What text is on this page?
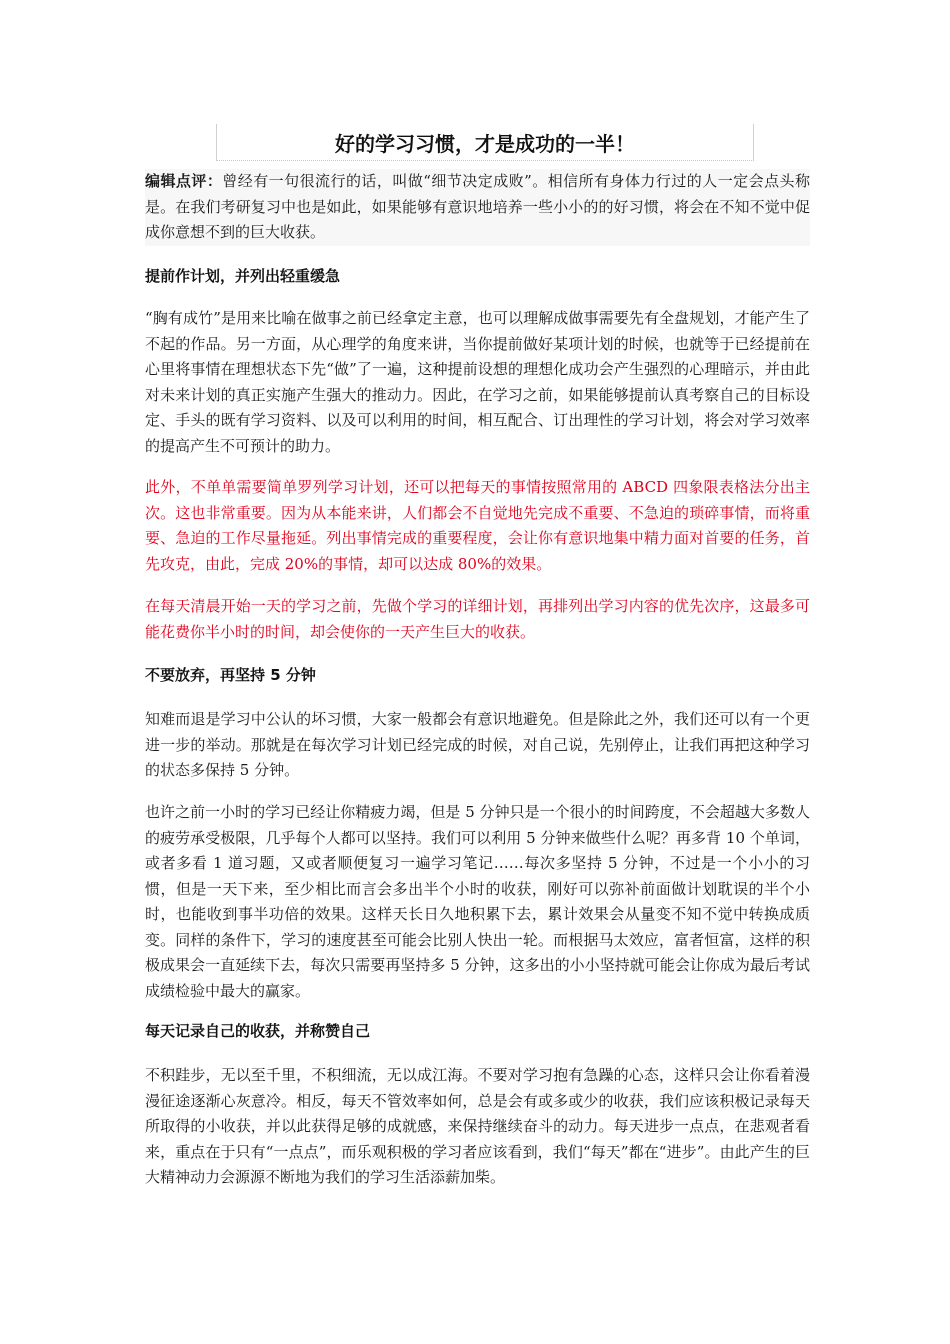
好的学习习惯，才是成功的一半！

编辑点评：曾经有一句很流行的话，叫做“细节决定成败”。相信所有身体力行过的人一定会点头称是。在我们考研复习中也是如此，如果能够有意识地培养一些小小的的好习惯，将会在不知不觉中促成你意想不到的巨大收获。

提前作计划，并列出轻重缓急

“胸有成竹”是用来比喻在做事之前已经拿定主意，也可以理解成做事需要先有全盘规划，才能产生了不起的作品。另一方面，从心理学的角度来讲，当你提前做好某项计划的时候，也就等于已经提前在心里将事情在理想状态下先“做”了一遍，这种提前设想的理想化成功会产生强烈的心理暗示，并由此对未来计划的真正实施产生强大的推动力。因此，在学习之前，如果能够提前认真考察自己的目标设定、手头的既有学习资料、以及可以利用的时间，相互配合、订出理性的学习计划，将会对学习效率的提高产生不可预计的助力。

此外，不单单需要简单罗列学习计划，还可以把每天的事情按照常用的 ABCD 四象限表格法分出主次。这也非常重要。因为从本能来讲，人们都会不自觉地先完成不重要、不急迫的琐碎事情，而将重要、急迫的工作尽量拖延。列出事情完成的重要程度，会让你有意识地集中精力面对首要的任务，首先攻克，由此，完成 20%的事情，却可以达成 80%的效果。

在每天清晨开始一天的学习之前，先做个学习的详细计划，再排列出学习内容的优先次序，这最多可能花费你半小时的时间，却会使你的一天产生巨大的收获。

不要放弃，再坚持 5 分钟

知难而退是学习中公认的坏习惯，大家一般都会有意识地避免。但是除此之外，我们还可以有一个更进一步的举动。那就是在每次学习计划已经完成的时候，对自己说，先别停止，让我们再把这种学习的状态多保持 5 分钟。

也许之前一小时的学习已经让你精疲力竭，但是 5 分钟只是一个很小的时间跨度，不会超越大多数人的疲劳承受极限，几乎每个人都可以坚持。我们可以利用 5 分钟来做些什么呢？再多背 10 个单词，或者多看 1 道习题，又或者顺便复习一遍学习笔记……每次多坚持 5 分钟，不过是一个小小的习惯，但是一天下来，至少相比而言会多出半个小时的收获，刚好可以弥补前面做计划耽误的半个小时，也能收到事半功倍的效果。这样天长日久地积累下去，累计效果会从量变不知不觉中转换成质变。同样的条件下，学习的速度甚至可能会比别人快出一轮。而根据马太效应，富者恒富，这样的积极成果会一直延续下去，每次只需要再坚持多 5 分钟，这多出的小小坚持就可能会让你成为最后考试成绩检验中最大的赢家。

每天记录自己的收获，并称赞自己

不积跬步，无以至千里，不积细流，无以成江海。不要对学习抱有急躁的心态，这样只会让你看着漫漫征途逐渐心灰意冷。相反，每天不管效率如何，总是会有或多或少的收获，我们应该积极记录每天所取得的小收获，并以此获得足够的成就感，来保持继续奋斗的动力。每天进步一点点，在悲观者看来，重点在于只有“一点点”，而乐观积极的学习者应该看到，我们“每天”都在“进步”。由此产生的巨大精神动力会源源不断地为我们的学习生活添薪加柴。
